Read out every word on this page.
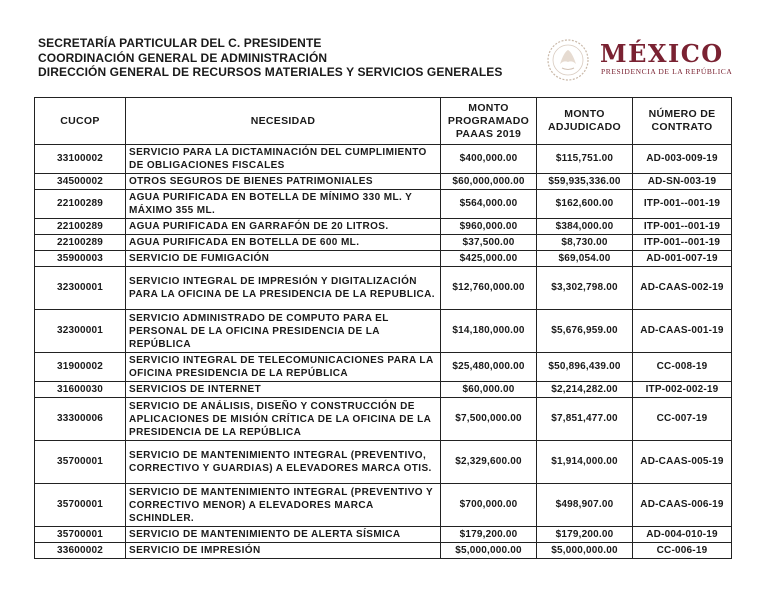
SECRETARÍA PARTICULAR DEL C. PRESIDENTE
COORDINACIÓN GENERAL DE ADMINISTRACIÓN
DIRECCIÓN GENERAL DE RECURSOS MATERIALES Y SERVICIOS GENERALES
MÉXICO
PRESIDENCIA DE LA REPÚBLICA
CUCOP	NECESIDAD	MONTO PROGRAMADO PAAAS 2019	MONTO ADJUDICADO	NÚMERO DE CONTRATO
33100002	SERVICIO PARA LA DICTAMINACIÓN DEL CUMPLIMIENTO DE OBLIGACIONES FISCALES	$400,000.00	$115,751.00	AD-003-009-19
34500002	OTROS SEGUROS DE BIENES PATRIMONIALES	$60,000,000.00	$59,935,336.00	AD-SN-003-19
22100289	AGUA PURIFICADA EN BOTELLA DE MÍNIMO 330 ML. Y MÁXIMO 355 ML.	$564,000.00	$162,600.00	ITP-001--001-19
22100289	AGUA PURIFICADA EN GARRAFÓN DE 20 LITROS.	$960,000.00	$384,000.00	ITP-001--001-19
22100289	AGUA PURIFICADA EN BOTELLA DE 600 ML.	$37,500.00	$8,730.00	ITP-001--001-19
35900003	SERVICIO DE FUMIGACIÓN	$425,000.00	$69,054.00	AD-001-007-19
32300001	SERVICIO INTEGRAL DE IMPRESIÓN Y DIGITALIZACIÓN PARA LA OFICINA DE LA PRESIDENCIA DE LA REPUBLICA.	$12,760,000.00	$3,302,798.00	AD-CAAS-002-19
32300001	SERVICIO ADMINISTRADO DE COMPUTO PARA EL PERSONAL DE LA OFICINA PRESIDENCIA DE LA REPÚBLICA	$14,180,000.00	$5,676,959.00	AD-CAAS-001-19
31900002	SERVICIO INTEGRAL DE TELECOMUNICACIONES PARA LA OFICINA PRESIDENCIA DE LA REPÚBLICA	$25,480,000.00	$50,896,439.00	CC-008-19
31600030	SERVICIOS DE INTERNET	$60,000.00	$2,214,282.00	ITP-002-002-19
33300006	SERVICIO DE ANÁLISIS, DISEÑO Y CONSTRUCCIÓN DE APLICACIONES DE MISIÓN CRÍTICA DE LA OFICINA DE LA PRESIDENCIA DE LA REPÚBLICA	$7,500,000.00	$7,851,477.00	CC-007-19
35700001	SERVICIO DE MANTENIMIENTO INTEGRAL (PREVENTIVO, CORRECTIVO Y GUARDIAS) A ELEVADORES MARCA OTIS.	$2,329,600.00	$1,914,000.00	AD-CAAS-005-19
35700001	SERVICIO DE MANTENIMIENTO INTEGRAL (PREVENTIVO Y CORRECTIVO MENOR) A ELEVADORES MARCA SCHINDLER.	$700,000.00	$498,907.00	AD-CAAS-006-19
35700001	SERVICIO DE MANTENIMIENTO DE ALERTA SÍSMICA	$179,200.00	$179,200.00	AD-004-010-19
33600002	SERVICIO DE IMPRESIÓN	$5,000,000.00	$5,000,000.00	CC-006-19
